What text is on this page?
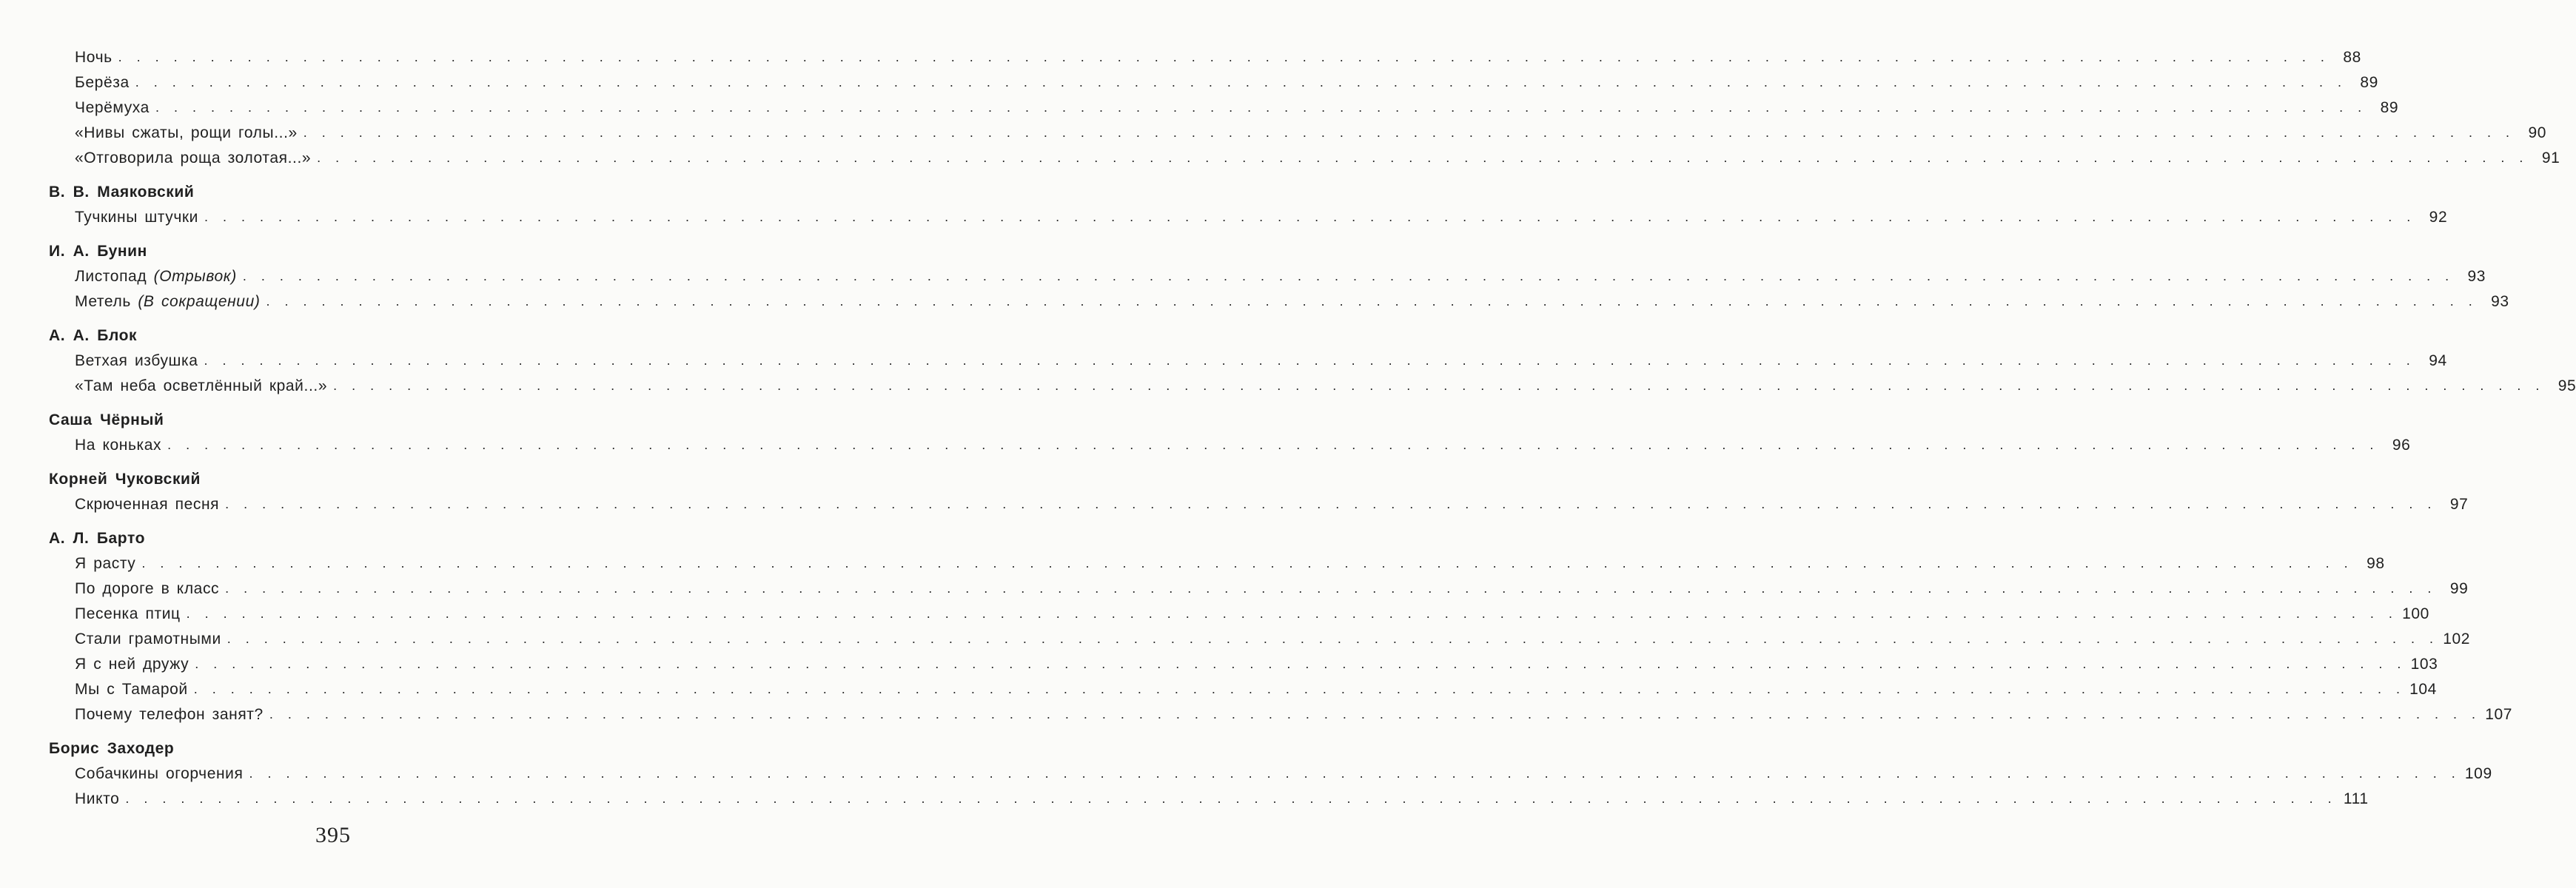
Ночь . . . . . . . . . . . . . . . . . . . . . . . . . . . . . . . . . . . . . . . . . . . . . . . . . . . . . . . . . . . . . . . . . . . . . . . . . . . . . . . . . . . . . . . . . . . . . . . . . . . . . . . . . . . . . . . . . . . . . . . . 88
Берёза . . . . . . . . . . . . . . . . . . . . . . . . . . . . . . . . . . . . . . . . . . . . . . . . . . . . . . . . . . . . . . . . . . . . . . . . . . . . . . . . . . . . . . . . . . . . . . . . . . . . . . . . . . . . . . . . . . . . . . . . 89
Черёмуха . . . . . . . . . . . . . . . . . . . . . . . . . . . . . . . . . . . . . . . . . . . . . . . . . . . . . . . . . . . . . . . . . . . . . . . . . . . . . . . . . . . . . . . . . . . . . . . . . . . . . . . . . . . . . . . . . . . . . . . . 89
«Нивы сжаты, рощи голы...» . . . . . . . . . . . . . . . . . . . . . . . . . . . . . . . . . . . . . . . . . . . . . . . . . . . . . . . . . . . . . . . . . . . . . . . . . . . . . . . . . . . . . . . . . . . . . . . . . . . . . . . . . . . . . . . . . . . . . . . . 90
«Отговорила роща золотая...» . . . . . . . . . . . . . . . . . . . . . . . . . . . . . . . . . . . . . . . . . . . . . . . . . . . . . . . . . . . . . . . . . . . . . . . . . . . . . . . . . . . . . . . . . . . . . . . . . . . . . . . . . . . . . . . . . . . . . . . . 91
В. В. Маяковский
Тучкины штучки . . . . . . . . . . . . . . . . . . . . . . . . . . . . . . . . . . . . . . . . . . . . . . . . . . . . . . . . . . . . . . . . . . . . . . . . . . . . . . . . . . . . . . . . . . . . . . . . . . . . . . . . . . . . . . . . . . . . . . . . 92
И. А. Бунин
Листопад (Отрывок) . . . . . . . . . . . . . . . . . . . . . . . . . . . . . . . . . . . . . . . . . . . . . . . . . . . . . . . . . . . . . . . . . . . . . . . . . . . . . . . . . . . . . . . . . . . . . . . . . . . . . . . . . . . . . . . . . . . . . . . . 93
Метель (В сокращении) . . . . . . . . . . . . . . . . . . . . . . . . . . . . . . . . . . . . . . . . . . . . . . . . . . . . . . . . . . . . . . . . . . . . . . . . . . . . . . . . . . . . . . . . . . . . . . . . . . . . . . . . . . . . . . . . . . . . . . . . 93
А. А. Блок
Ветхая избушка . . . . . . . . . . . . . . . . . . . . . . . . . . . . . . . . . . . . . . . . . . . . . . . . . . . . . . . . . . . . . . . . . . . . . . . . . . . . . . . . . . . . . . . . . . . . . . . . . . . . . . . . . . . . . . . . . . . . . . . . 94
«Там неба осветлённый край...» . . . . . . . . . . . . . . . . . . . . . . . . . . . . . . . . . . . . . . . . . . . . . . . . . . . . . . . . . . . . . . . . . . . . . . . . . . . . . . . . . . . . . . . . . . . . . . . . . . . . . . . . . . . . . . . . . . . . . . . . 95
Саша Чёрный
На коньках . . . . . . . . . . . . . . . . . . . . . . . . . . . . . . . . . . . . . . . . . . . . . . . . . . . . . . . . . . . . . . . . . . . . . . . . . . . . . . . . . . . . . . . . . . . . . . . . . . . . . . . . . . . . . . . . . . . . . . . . 96
Корней Чуковский
Скрюченная песня . . . . . . . . . . . . . . . . . . . . . . . . . . . . . . . . . . . . . . . . . . . . . . . . . . . . . . . . . . . . . . . . . . . . . . . . . . . . . . . . . . . . . . . . . . . . . . . . . . . . . . . . . . . . . . . . . . . . . . . . 97
А. Л. Барто
Я расту . . . . . . . . . . . . . . . . . . . . . . . . . . . . . . . . . . . . . . . . . . . . . . . . . . . . . . . . . . . . . . . . . . . . . . . . . . . . . . . . . . . . . . . . . . . . . . . . . . . . . . . . . . . . . . . . . . . . . . . . 98
По дороге в класс . . . . . . . . . . . . . . . . . . . . . . . . . . . . . . . . . . . . . . . . . . . . . . . . . . . . . . . . . . . . . . . . . . . . . . . . . . . . . . . . . . . . . . . . . . . . . . . . . . . . . . . . . . . . . . . . . . . . . . . . 99
Песенка птиц . . . . . . . . . . . . . . . . . . . . . . . . . . . . . . . . . . . . . . . . . . . . . . . . . . . . . . . . . . . . . . . . . . . . . . . . . . . . . . . . . . . . . . . . . . . . . . . . . . . . . . . . . . . . . . . . . . . . . . . . 100
Стали грамотными . . . . . . . . . . . . . . . . . . . . . . . . . . . . . . . . . . . . . . . . . . . . . . . . . . . . . . . . . . . . . . . . . . . . . . . . . . . . . . . . . . . . . . . . . . . . . . . . . . . . . . . . . . . . . . . . . . . . . . . . 102
Я с ней дружу . . . . . . . . . . . . . . . . . . . . . . . . . . . . . . . . . . . . . . . . . . . . . . . . . . . . . . . . . . . . . . . . . . . . . . . . . . . . . . . . . . . . . . . . . . . . . . . . . . . . . . . . . . . . . . . . . . . . . . . . 103
Мы с Тамарой . . . . . . . . . . . . . . . . . . . . . . . . . . . . . . . . . . . . . . . . . . . . . . . . . . . . . . . . . . . . . . . . . . . . . . . . . . . . . . . . . . . . . . . . . . . . . . . . . . . . . . . . . . . . . . . . . . . . . . . . 104
Почему телефон занят? . . . . . . . . . . . . . . . . . . . . . . . . . . . . . . . . . . . . . . . . . . . . . . . . . . . . . . . . . . . . . . . . . . . . . . . . . . . . . . . . . . . . . . . . . . . . . . . . . . . . . . . . . . . . . . . . . . . . . . . . 107
Борис Заходер
Собачкины огорчения . . . . . . . . . . . . . . . . . . . . . . . . . . . . . . . . . . . . . . . . . . . . . . . . . . . . . . . . . . . . . . . . . . . . . . . . . . . . . . . . . . . . . . . . . . . . . . . . . . . . . . . . . . . . . . . . . . . . . . . . 109
Никто . . . . . . . . . . . . . . . . . . . . . . . . . . . . . . . . . . . . . . . . . . . . . . . . . . . . . . . . . . . . . . . . . . . . . . . . . . . . . . . . . . . . . . . . . . . . . . . . . . . . . . . . . . . . . . . . . . . . . . . . 111
395
